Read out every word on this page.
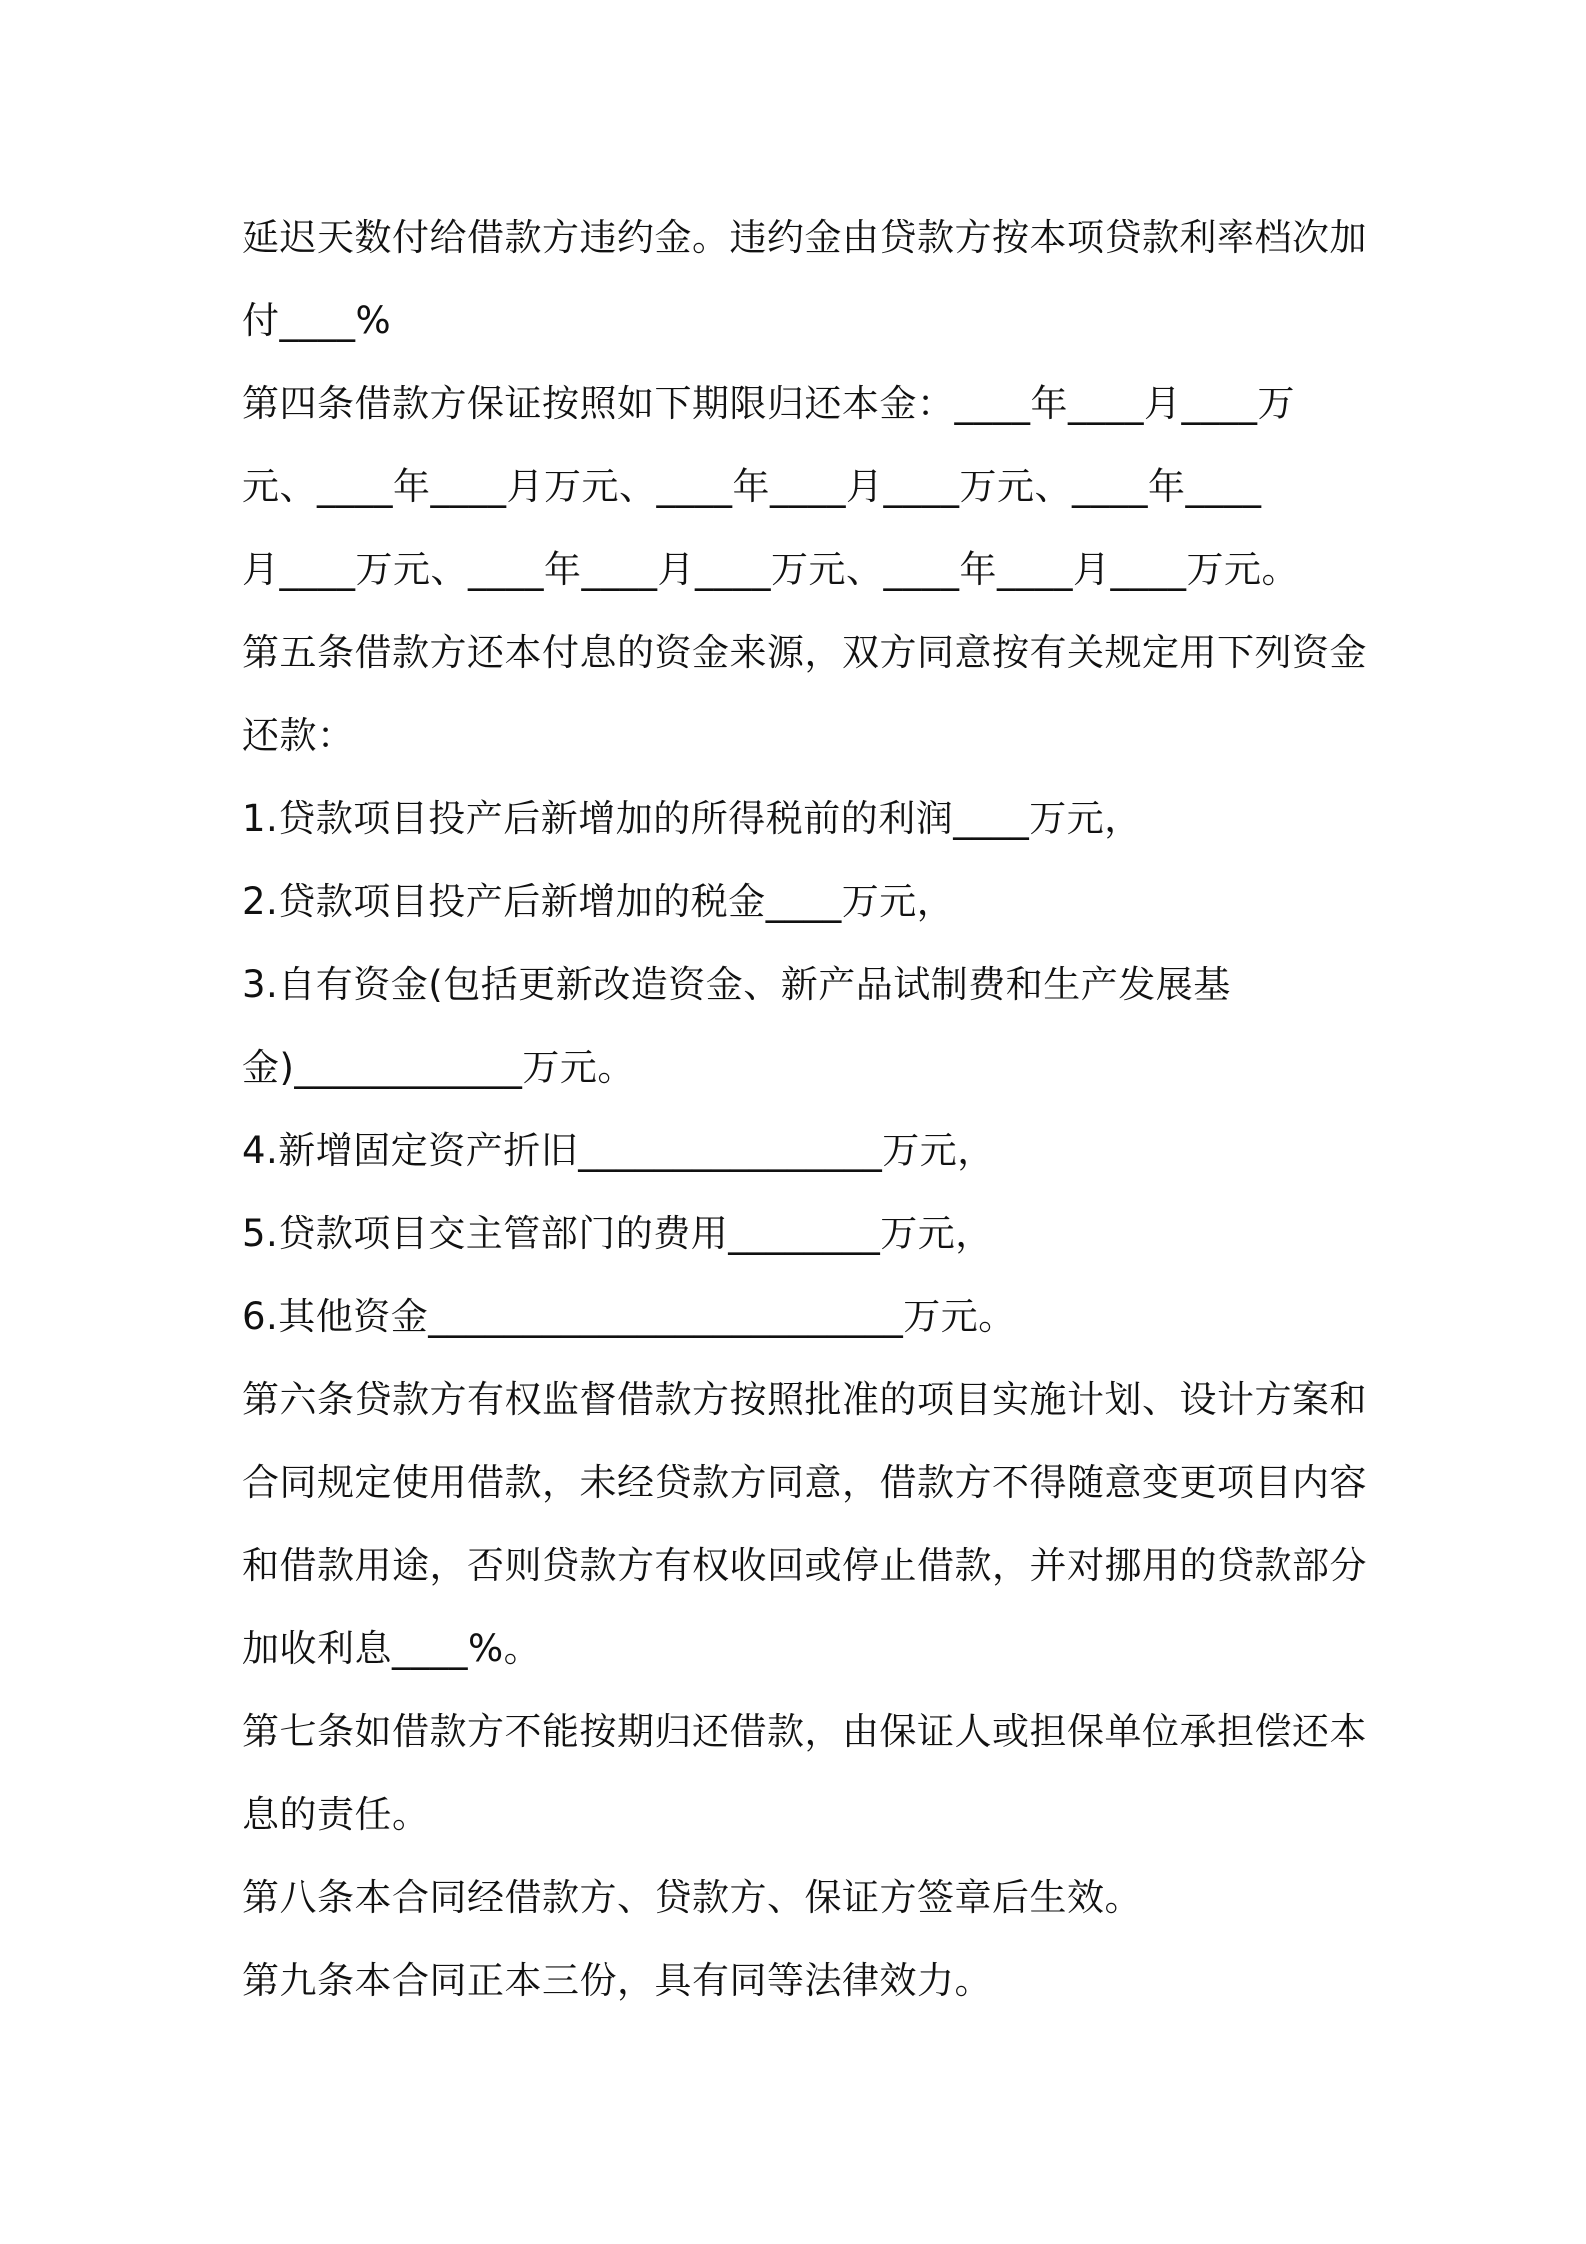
延迟天数付给借款方违约金。违约金由贷款方按本项贷款利率档次加
付____%
第四条借款方保证按照如下期限归还本金：____年____月____万
元、____年____月万元、____年____月____万元、____年____
月____万元、____年____月____万元、____年____月____万元。
第五条借款方还本付息的资金来源，双方同意按有关规定用下列资金
还款：
1.贷款项目投产后新增加的所得税前的利润____万元，
2.贷款项目投产后新增加的税金____万元，
3.自有资金(包括更新改造资金、新产品试制费和生产发展基
金)____________万元。
4.新增固定资产折旧________________万元，
5.贷款项目交主管部门的费用________万元，
6.其他资金_________________________万元。
第六条贷款方有权监督借款方按照批准的项目实施计划、设计方案和
合同规定使用借款，未经贷款方同意，借款方不得随意变更项目内容
和借款用途，否则贷款方有权收回或停止借款，并对挪用的贷款部分
加收利息____%。
第七条如借款方不能按期归还借款，由保证人或担保单位承担偿还本
息的责任。
第八条本合同经借款方、贷款方、保证方签章后生效。
第九条本合同正本三份，具有同等法律效力。
